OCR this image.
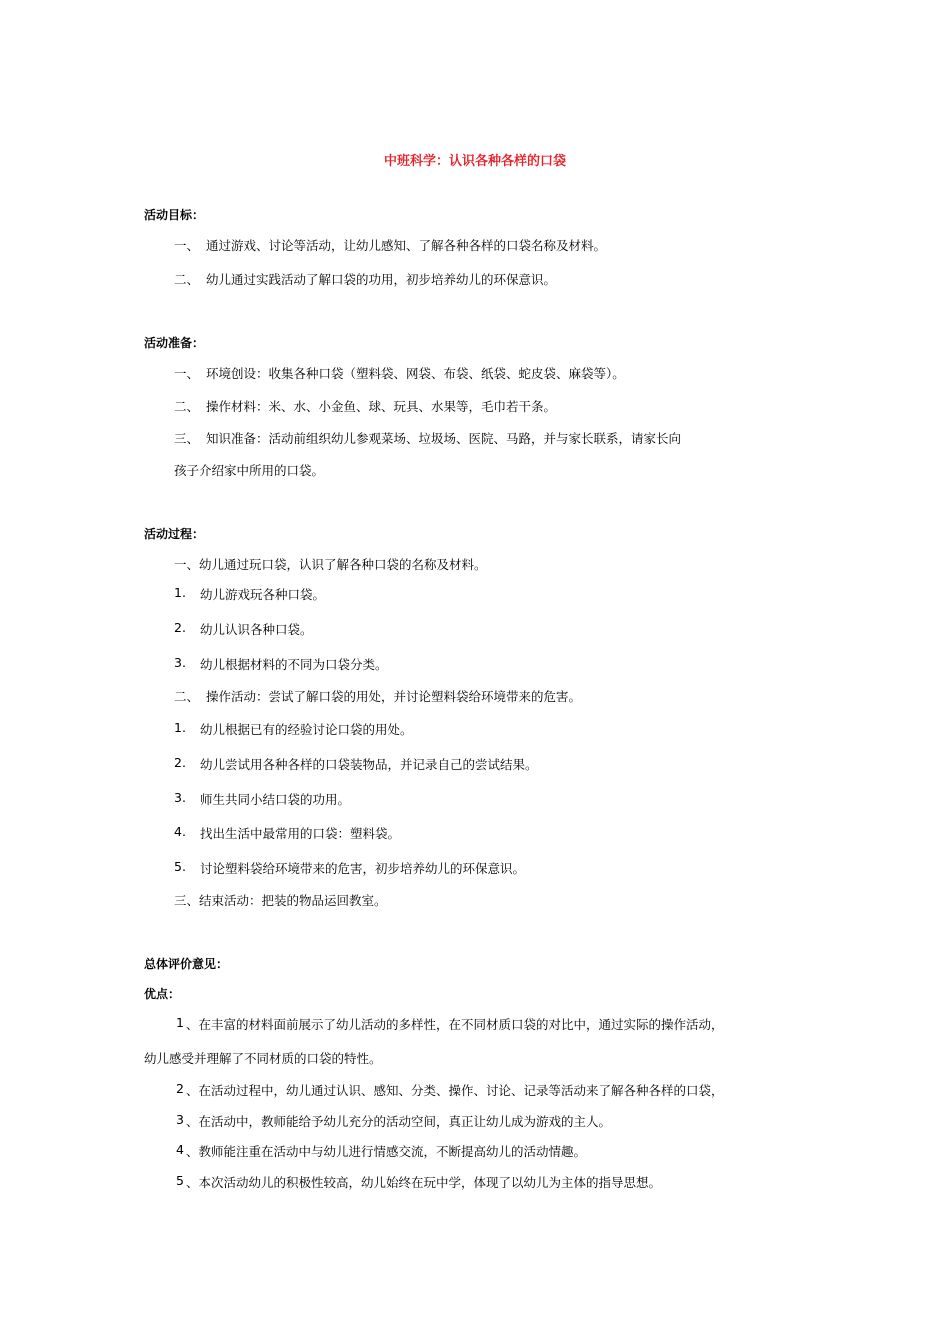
中班科学：认识各种各样的口袋
活动目标：
一、 通过游戏、讨论等活动，让幼儿感知、了解各种各样的口袋名称及材料。
二、 幼儿通过实践活动了解口袋的功用，初步培养幼儿的环保意识。
活动准备：
一、 环境创设：收集各种口袋（塑料袋、网袋、布袋、纸袋、蛇皮袋、麻袋等）。
二、 操作材料：米、水、小金鱼、球、玩具、水果等，毛巾若干条。
三、 知识准备：活动前组织幼儿参观菜场、垃圾场、医院、马路，并与家长联系，请家长向
孩子介绍家中所用的口袋。
活动过程：
一、幼儿通过玩口袋，认识了解各种口袋的名称及材料。
1. 幼儿游戏玩各种口袋。
2. 幼儿认识各种口袋。
3. 幼儿根据材料的不同为口袋分类。
二、 操作活动：尝试了解口袋的用处，并讨论塑料袋给环境带来的危害。
1. 幼儿根据已有的经验讨论口袋的用处。
2. 幼儿尝试用各种各样的口袋装物品，并记录自己的尝试结果。
3. 师生共同小结口袋的功用。
4. 找出生活中最常用的口袋：塑料袋。
5. 讨论塑料袋给环境带来的危害，初步培养幼儿的环保意识。
三、结束活动：把装的物品运回教室。
总体评价意见：
优点：
1 、在丰富的材料面前展示了幼儿活动的多样性，在不同材质口袋的对比中，通过实际的操作活动，
幼儿感受并理解了不同材质的口袋的特性。
2 、在活动过程中，幼儿通过认识、感知、分类、操作、讨论、记录等活动来了解各种各样的口袋，
3 、在活动中，教师能给予幼儿充分的活动空间，真正让幼儿成为游戏的主人。
4 、教师能注重在活动中与幼儿进行情感交流，不断提高幼儿的活动情趣。
5 、本次活动幼儿的积极性较高，幼儿始终在玩中学，体现了以幼儿为主体的指导思想。
